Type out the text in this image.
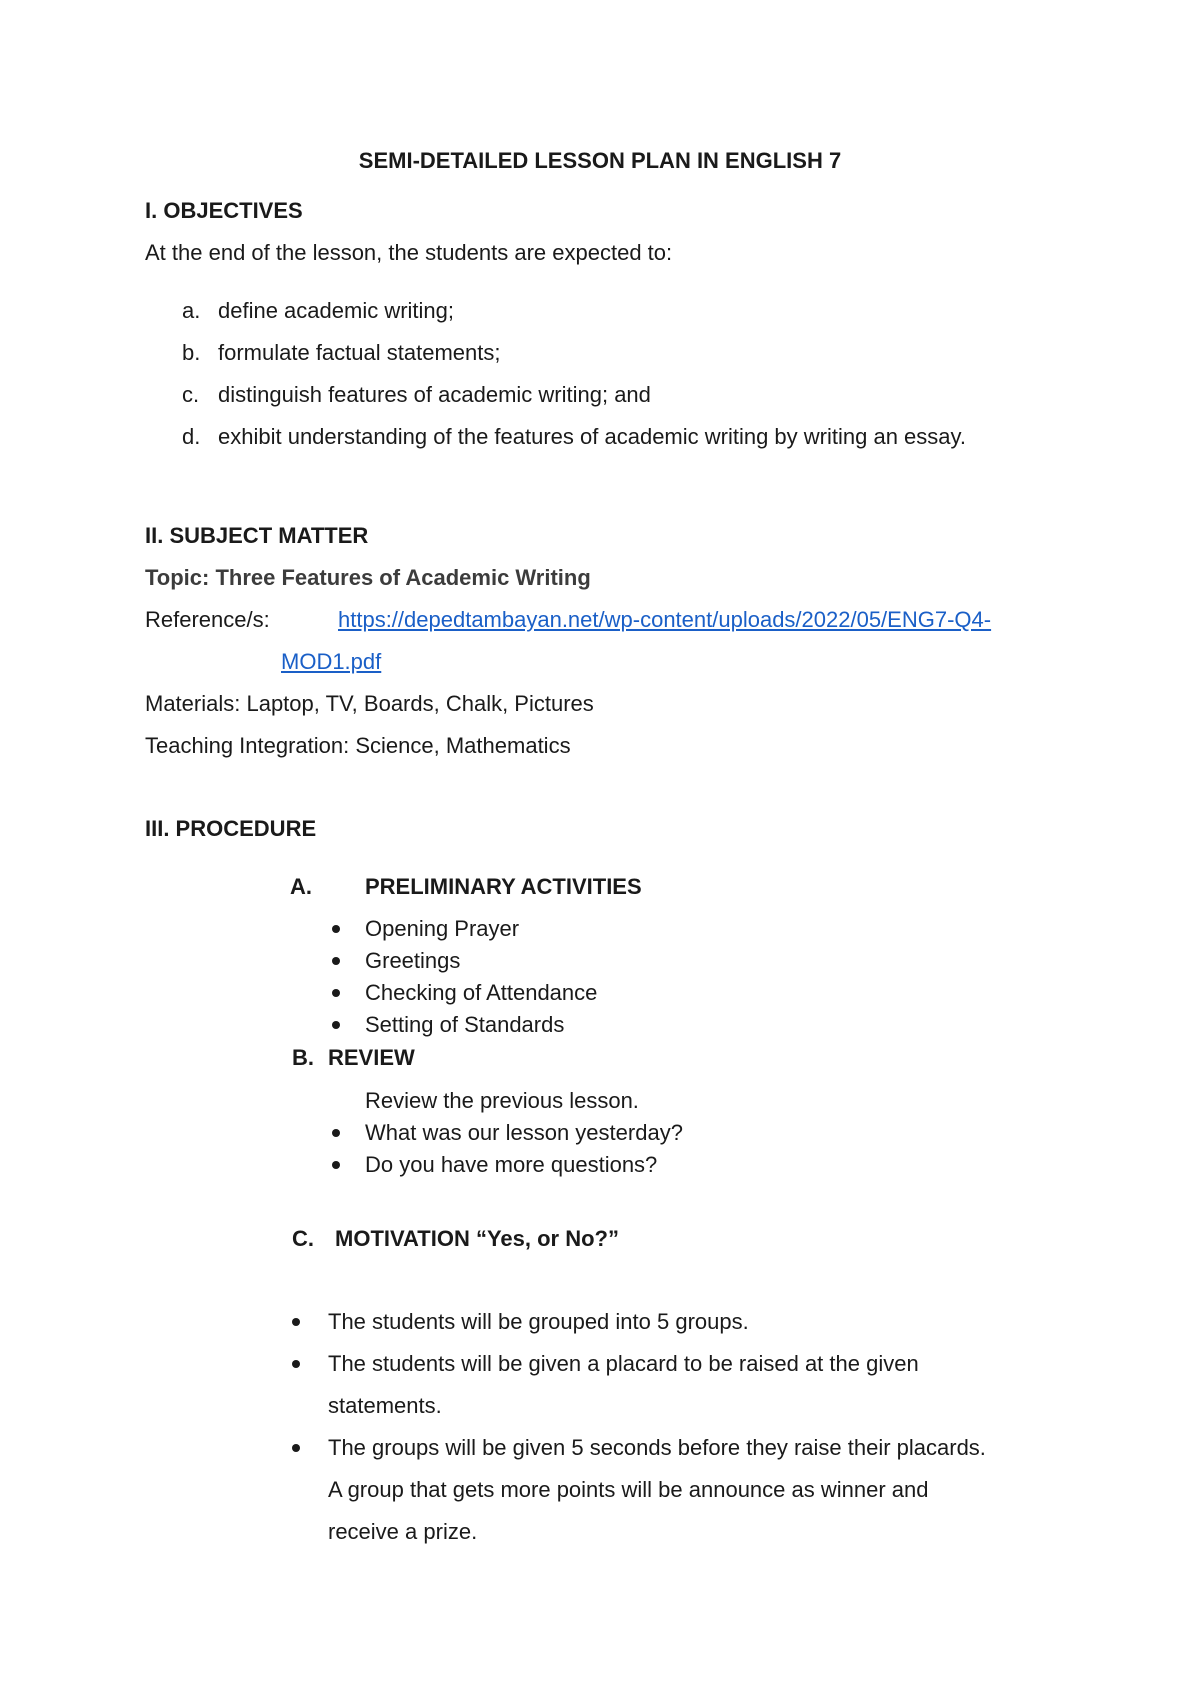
SEMI-DETAILED LESSON PLAN IN ENGLISH 7
I. OBJECTIVES
At the end of the lesson, the students are expected to:
a. define academic writing;
b. formulate factual statements;
c. distinguish features of academic writing; and
d. exhibit understanding of the features of academic writing by writing an essay.
II. SUBJECT MATTER
Topic: Three Features of Academic Writing
Reference/s:	https://depedtambayan.net/wp-content/uploads/2022/05/ENG7-Q4-
MOD1.pdf
Materials: Laptop, TV, Boards, Chalk, Pictures
Teaching Integration: Science, Mathematics
III. PROCEDURE
A. PRELIMINARY ACTIVITIES
Opening Prayer
Greetings
Checking of Attendance
Setting of Standards
B. REVIEW
Review the previous lesson.
What was our lesson yesterday?
Do you have more questions?
C. MOTIVATION “Yes, or No?”
The students will be grouped into 5 groups.
The students will be given a placard to be raised at the given
statements.
The groups will be given 5 seconds before they raise their placards.
A group that gets more points will be announce as winner and
receive a prize.
